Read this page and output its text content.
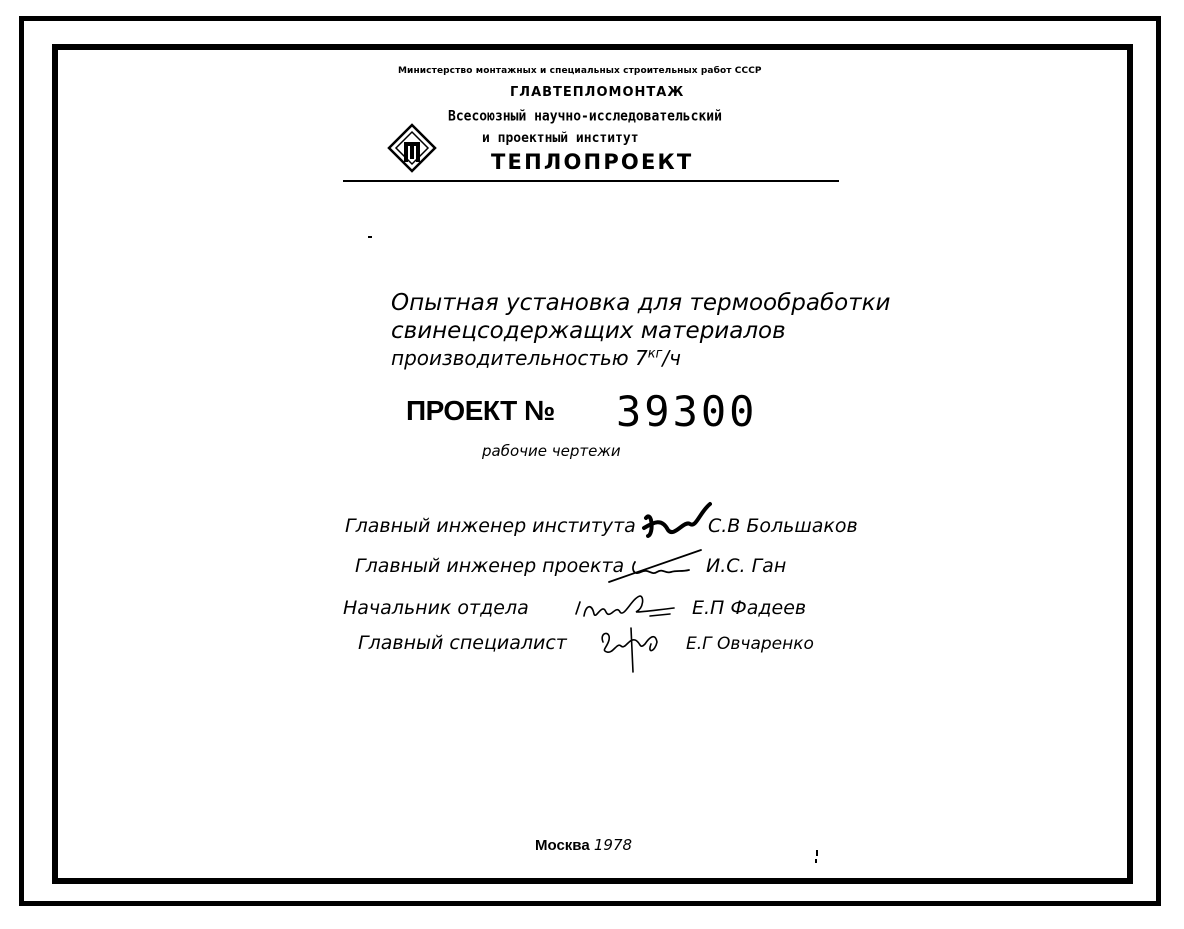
Министерство монтажных и специальных строительных работ СССР
ГЛАВТЕПЛОМОНТАЖ
Всесоюзный научно-исследовательский
и проектный институт
ТЕПЛОПРОЕКТ
Опытная установка для термообработки
свинецсодержащих материалов
производительностью $7^{кг}/ч$
ПРОЕКТ № 39300
рабочие чертежи
Главный инженер института
Главный инженер проекта
Начальник отдела
Главный специалист
С.В Большаков
И.С. Ган
Е.П Фадеев
Е.Г Овчаренко
Москва 1978
